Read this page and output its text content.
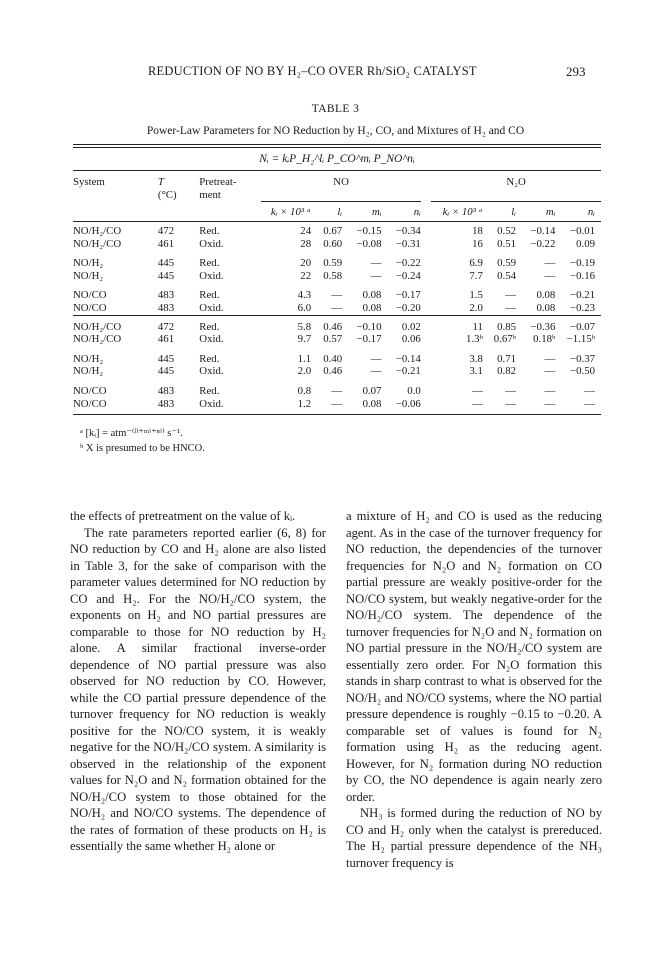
REDUCTION OF NO BY H₂–CO OVER Rh/SiO₂ CATALYST	293
TABLE 3
Power-Law Parameters for NO Reduction by H₂, CO, and Mixtures of H₂ and CO
Nᵢ = kᵢP_H₂^lᵢ P_CO^mᵢ P_NO^nᵢ
System	T	Pretreat-	NO					N₂O			
	(°C)	ment									
			kᵢ × 10³ ᵃ	lᵢ	mᵢ	nᵢ		kᵢ × 10³ ᵃ	lᵢ	mᵢ	nᵢ

NO/H₂/CO	472	Red.	24	0.67	−0.15	−0.34		18	0.52	−0.14	−0.01
NO/H₂/CO	461	Oxid.	28	0.60	−0.08	−0.31		16	0.51	−0.22	0.09

NO/H₂	445	Red.	20	0.59	—	−0.22		6.9	0.59	—	−0.19
NO/H₂	445	Oxid.	22	0.58	—	−0.24		7.7	0.54	—	−0.16

NO/CO	483	Red.	4.3	—	0.08	−0.17		1.5	—	0.08	−0.21
NO/CO	483	Oxid.	6.0	—	0.08	−0.20		2.0	—	0.08	−0.23

NO/H₂/CO	472	Red.	5.8	0.46	−0.10	0.02		11	0.85	−0.36	−0.07
NO/H₂/CO	461	Oxid.	9.7	0.57	−0.17	0.06		1.3ᵇ	0.67ᵇ	0.18ᵇ	−1.15ᵇ

NO/H₂	445	Red.	1.1	0.40	—	−0.14		3.8	0.71	—	−0.37
NO/H₂	445	Oxid.	2.0	0.46	—	−0.21		3.1	0.82	—	−0.50

NO/CO	483	Red.	0.8	—	0.07	0.0		—	—	—	—
NO/CO	483	Oxid.	1.2	—	0.08	−0.06		—	—	—	—
ᵃ [kᵢ] = atm⁻⁽ˡⁱ⁺ᵐⁱ⁺ⁿⁱ⁾ s⁻¹.
ᵇ X is presumed to be HNCO.

the effects of pretreatment on the value of kᵢ.

The rate parameters reported earlier (6, 8) for NO reduction by CO and H₂ alone are also listed in Table 3, for the sake of comparison with the parameter values determined for NO reduction by CO and H₂. For the NO/H₂/CO system, the exponents on H₂ and NO partial pressures are comparable to those for NO reduction by H₂ alone. A similar fractional inverse-order dependence of NO partial pressure was also observed for NO reduction by CO. However, while the CO partial pressure dependence of the turnover frequency for NO reduction is weakly positive for the NO/CO system, it is weakly negative for the NO/H₂/CO system. A similarity is observed in the relationship of the exponent values for N₂O and N₂ formation obtained for the NO/H₂/CO system to those obtained for the NO/H₂ and NO/CO systems. The dependence of the rates of formation of these products on H₂ is essentially the same whether H₂ alone or

a mixture of H₂ and CO is used as the reducing agent. As in the case of the turnover frequency for NO reduction, the dependencies of the turnover frequencies for N₂O and N₂ formation on CO partial pressure are weakly positive-order for the NO/CO system, but weakly negative-order for the NO/H₂/CO system. The dependence of the turnover frequencies for N₂O and N₂ formation on NO partial pressure in the NO/H₂/CO system are essentially zero order. For N₂O formation this stands in sharp contrast to what is observed for the NO/H₂ and NO/CO systems, where the NO partial pressure dependence is roughly −0.15 to −0.20. A comparable set of values is found for N₂ formation using H₂ as the reducing agent. However, for N₂ formation during NO reduction by CO, the NO dependence is again nearly zero order.

NH₃ is formed during the reduction of NO by CO and H₂ only when the catalyst is prereduced. The H₂ partial pressure dependence of the NH₃ turnover frequency is
